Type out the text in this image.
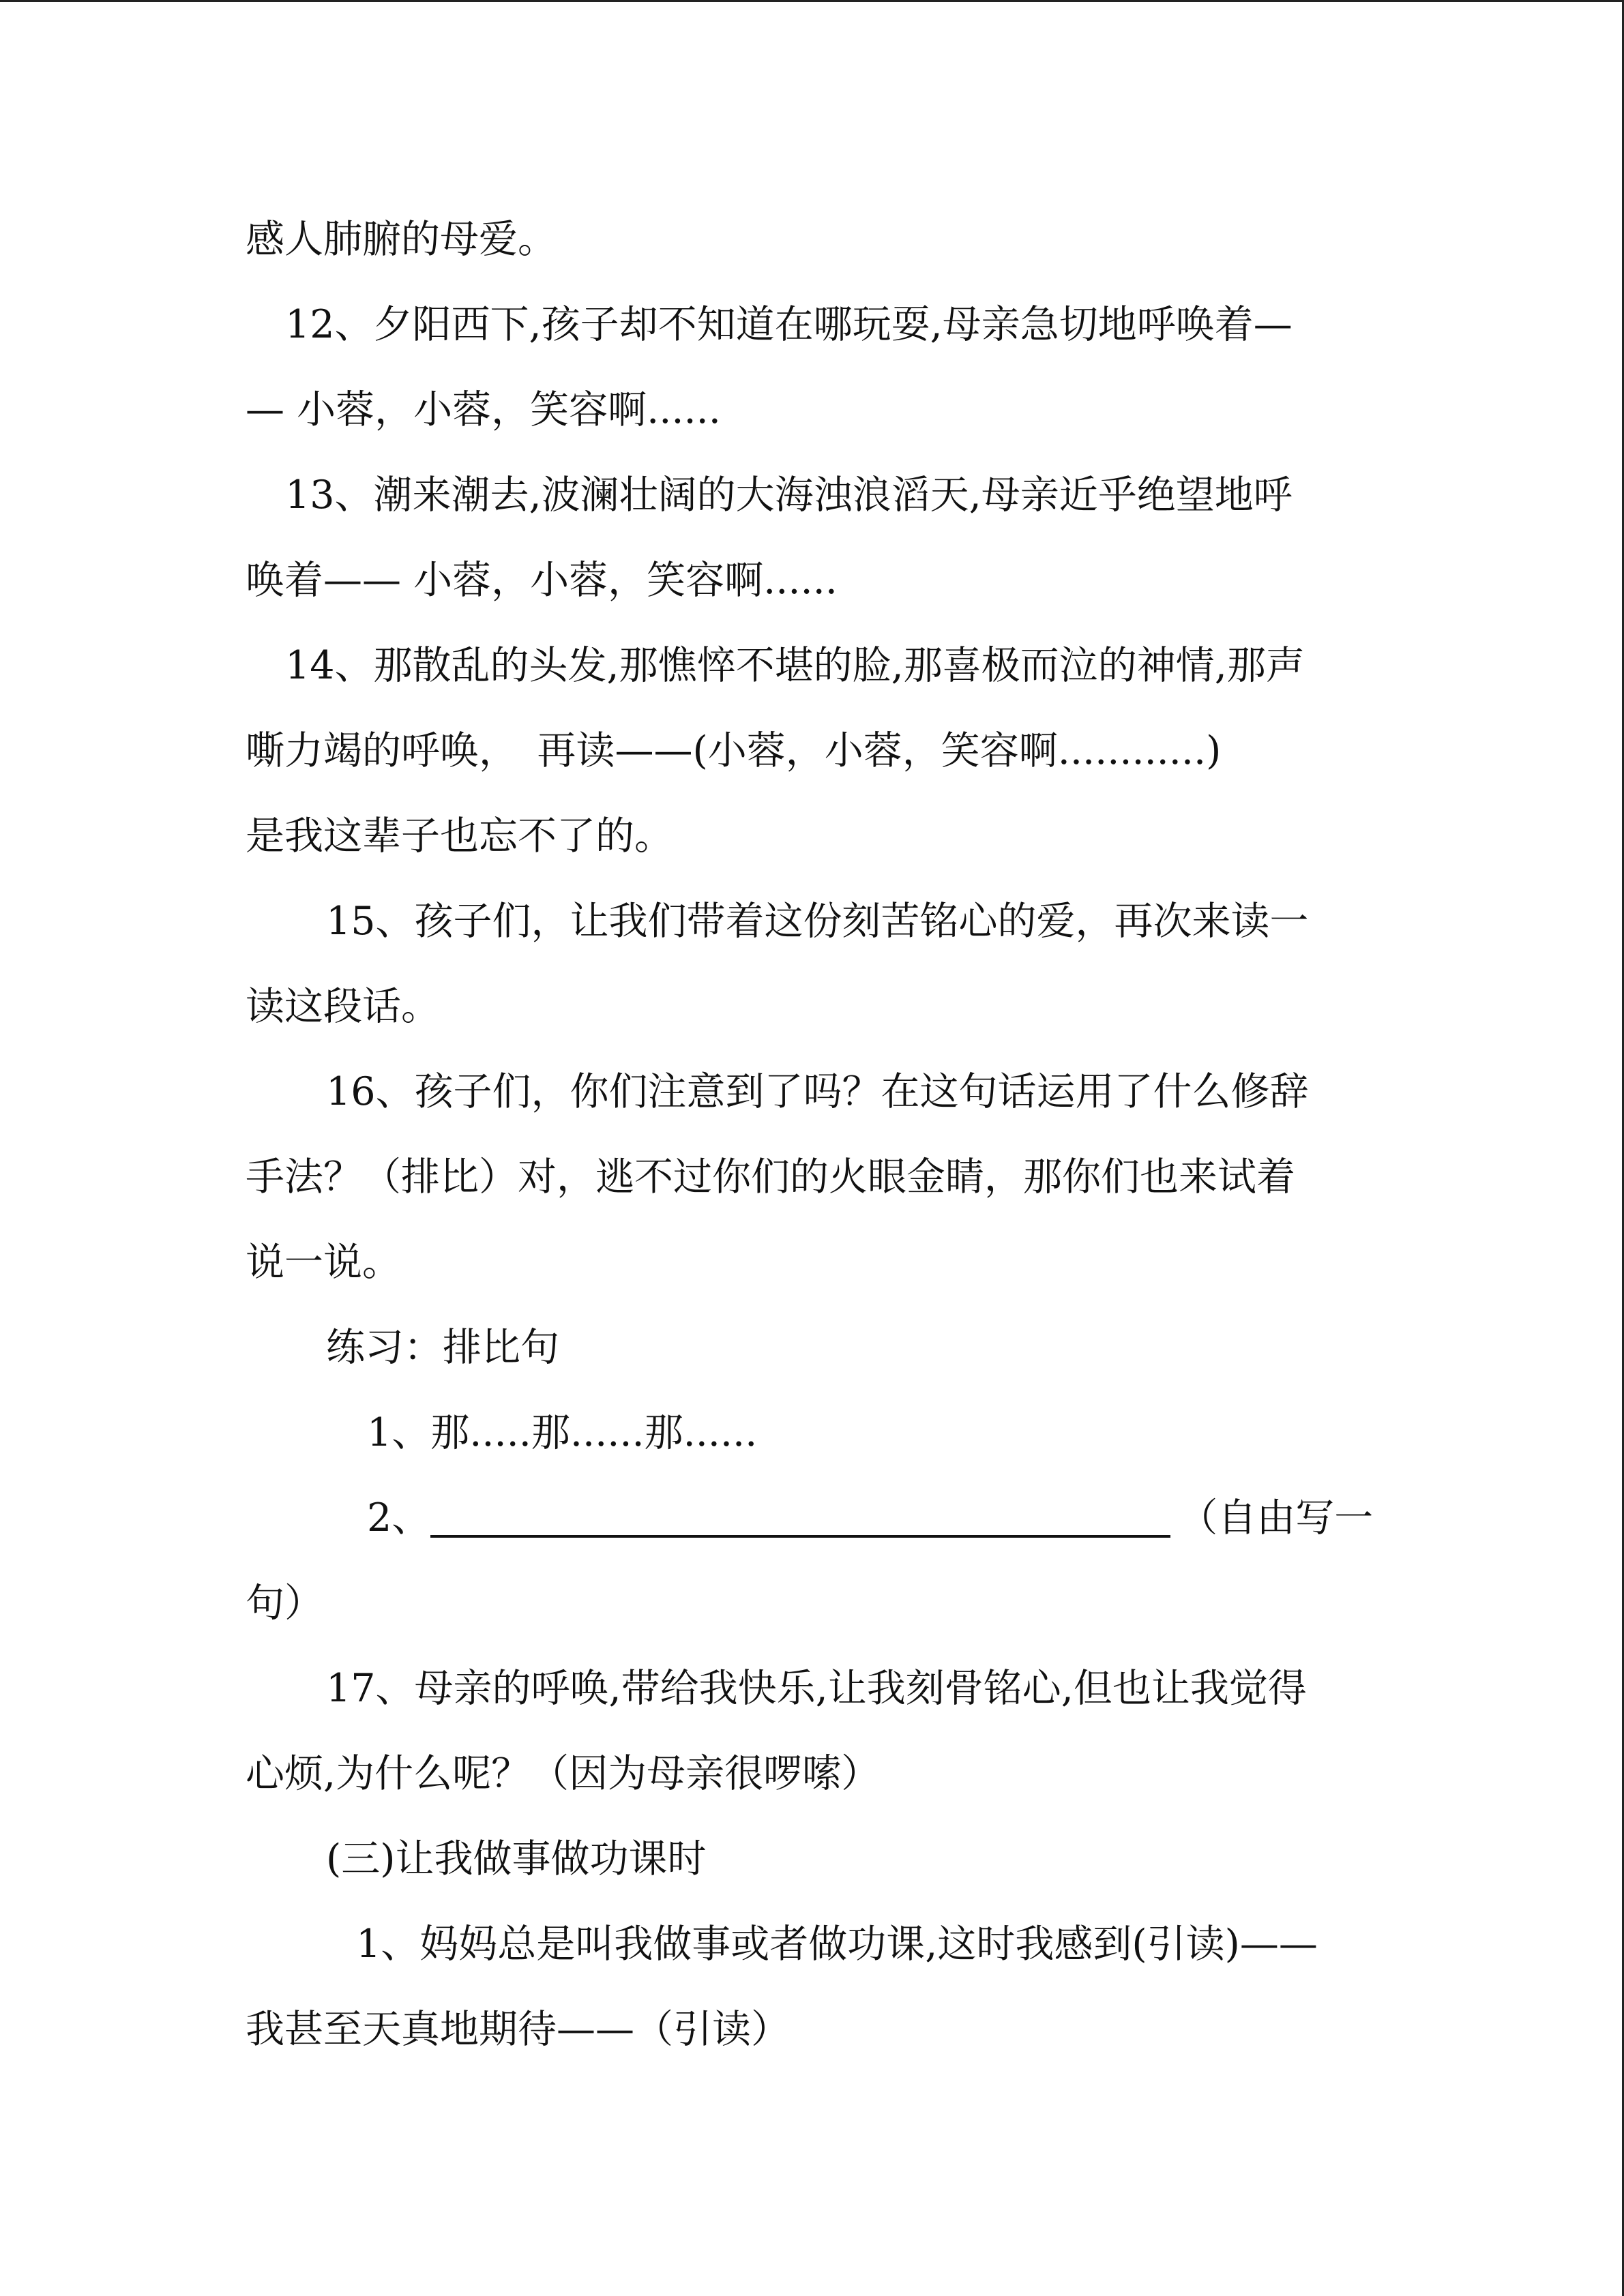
感人肺腑的母爱。
12、夕阳西下,孩子却不知道在哪玩耍,母亲急切地呼唤着—
— 小蓉，小蓉，笑容啊......
13、潮来潮去,波澜壮阔的大海浊浪滔天,母亲近乎绝望地呼
唤着—— 小蓉，小蓉，笑容啊......
14、那散乱的头发,那憔悴不堪的脸,那喜极而泣的神情,那声
嘶力竭的呼唤，　再读——(小蓉，小蓉，笑容啊............)
是我这辈子也忘不了的。
15、孩子们，让我们带着这份刻苦铭心的爱，再次来读一
读这段话。
16、孩子们，你们注意到了吗？在这句话运用了什么修辞
手法？（排比）对，逃不过你们的火眼金睛，那你们也来试着
说一说。
练习：排比句
1、那.....那......那......
2、	（自由写一
句）
17、母亲的呼唤,带给我快乐,让我刻骨铭心,但也让我觉得
心烦,为什么呢？（因为母亲很啰嗦）
(三)让我做事做功课时
1、妈妈总是叫我做事或者做功课,这时我感到(引读)——
我甚至天真地期待——（引读）
